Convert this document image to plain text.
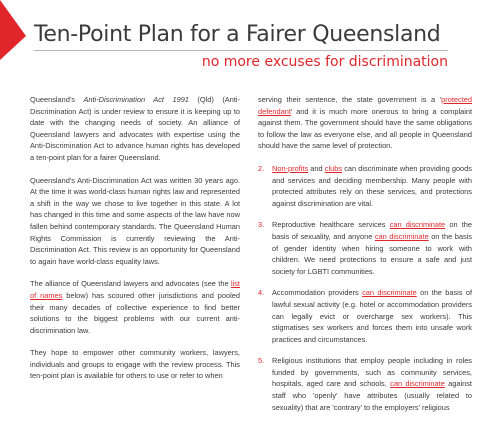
Ten-Point Plan for a Fairer Queensland
no more excuses for discrimination

Queensland's Anti-Discrimination Act 1991 (Qld) (Anti-Discrimination Act) is under review to ensure it is keeping up to date with the changing needs of society. An alliance of Queensland lawyers and advocates with expertise using the Anti-Discrimination Act to advance human rights has developed a ten-point plan for a fairer Queensland.

Queensland's Anti-Discrimination Act was written 30 years ago. At the time it was world-class human rights law and represented a shift in the way we chose to live together in this state. A lot has changed in this time and some aspects of the law have now fallen behind contemporary standards. The Queensland Human Rights Commission is currently reviewing the Anti-Discrimination Act. This review is an opportunity for Queensland to again have world-class equality laws.

The alliance of Queensland lawyers and advocates (see the list of names below) has scoured other jurisdictions and pooled their many decades of collective experience to find better solutions to the biggest problems with our current anti-discrimination law.

They hope to empower other community workers, lawyers, individuals and groups to engage with the review process. This ten-point plan is available for others to use or refer to when

serving their sentence, the state government is a 'protected defendant' and it is much more onerous to bring a complaint against them. The government should have the same obligations to follow the law as everyone else, and all people in Queensland should have the same level of protection.

2. Non-profits and clubs can discriminate when providing goods and services and deciding membership. Many people with protected attributes rely on these services, and protections against discrimination are vital.
3. Reproductive healthcare services can discriminate on the basis of sexuality, and anyone can discriminate on the basis of gender identity when hiring someone to work with children. We need protections to ensure a safe and just society for LGBTI communities.
4. Accommodation providers can discriminate on the basis of lawful sexual activity (e.g. hotel or accommodation providers can legally evict or overcharge sex workers). This stigmatises sex workers and forces them into unsafe work practices and circumstances.
5. Religious institutions that employ people including in roles funded by governments, such as community services, hospitals, aged care and schools, can discriminate against staff who 'openly' have attributes (usually related to sexuality) that are 'contrary' to the employers' religious
